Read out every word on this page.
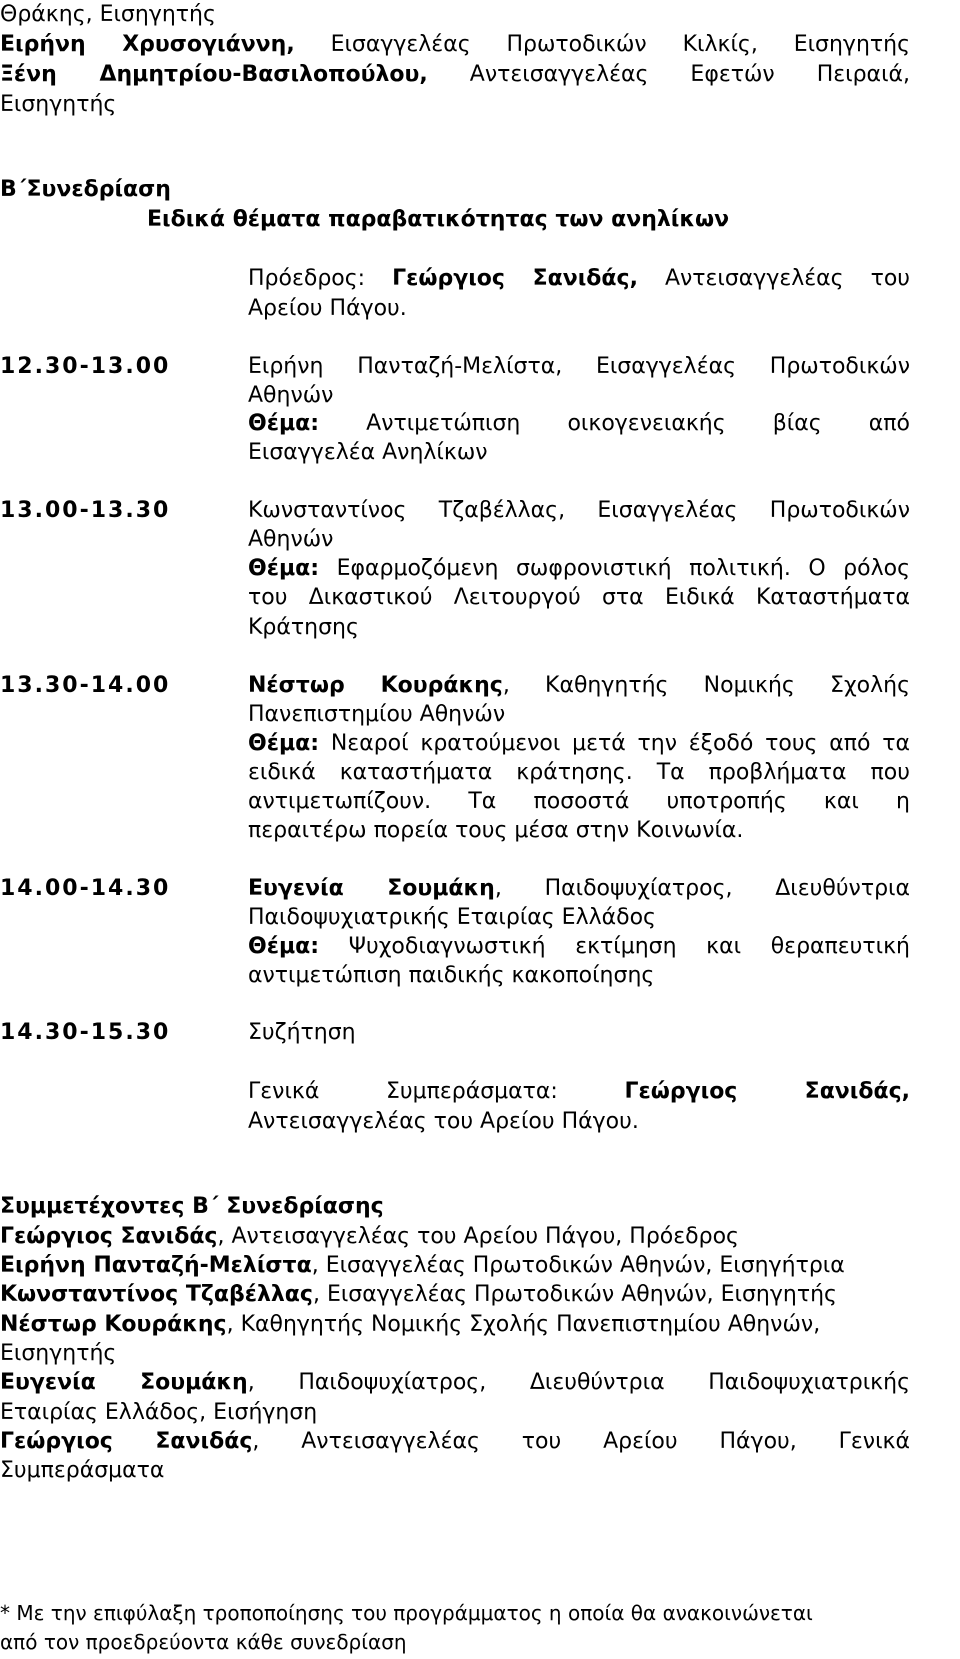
Θράκης, Εισηγητής
Ειρήνη Χρυσογιάννη, Εισαγγελέας Πρωτοδικών Κιλκίς, Εισηγητής
Ξένη Δημητρίου-Βασιλοπούλου, Αντεισαγγελέας Εφετών Πειραιά,
Εισηγητής
Β΄Συνεδρίαση
Ειδικά θέματα παραβατικότητας των ανηλίκων
Πρόεδρος: Γεώργιος Σανιδάς, Αντεισαγγελέας του
Αρείου Πάγου.
12.30-13.00	Ειρήνη Πανταζή-Μελίστα, Εισαγγελέας Πρωτοδικών
Αθηνών
Θέμα: Αντιμετώπιση οικογενειακής βίας από
Εισαγγελέα Ανηλίκων
13.00-13.30	Κωνσταντίνος Τζαβέλλας, Εισαγγελέας Πρωτοδικών
Αθηνών
Θέμα: Εφαρμοζόμενη σωφρονιστική πολιτική. Ο ρόλος
του Δικαστικού Λειτουργού στα Ειδικά Καταστήματα
Κράτησης
13.30-14.00	Νέστωρ Κουράκης, Καθηγητής Νομικής Σχολής
Πανεπιστημίου Αθηνών
Θέμα: Νεαροί κρατούμενοι μετά την έξοδό τους από τα
ειδικά καταστήματα κράτησης. Τα προβλήματα που
αντιμετωπίζουν. Τα ποσοστά υποτροπής και η
περαιτέρω πορεία τους μέσα στην Κοινωνία.
14.00-14.30	Ευγενία Σουμάκη, Παιδοψυχίατρος, Διευθύντρια
Παιδοψυχιατρικής Εταιρίας Ελλάδος
Θέμα: Ψυχοδιαγνωστική εκτίμηση και θεραπευτική
αντιμετώπιση παιδικής κακοποίησης
14.30-15.30	Συζήτηση
Γενικά Συμπεράσματα: Γεώργιος Σανιδάς,
Αντεισαγγελέας του Αρείου Πάγου.
Συμμετέχοντες Β΄ Συνεδρίασης
Γεώργιος Σανιδάς, Αντεισαγγελέας του Αρείου Πάγου, Πρόεδρος
Ειρήνη Πανταζή-Μελίστα, Εισαγγελέας Πρωτοδικών Αθηνών, Εισηγήτρια
Κωνσταντίνος Τζαβέλλας, Εισαγγελέας Πρωτοδικών Αθηνών, Εισηγητής
Νέστωρ Κουράκης, Καθηγητής Νομικής Σχολής Πανεπιστημίου Αθηνών,
Εισηγητής
Ευγενία Σουμάκη, Παιδοψυχίατρος, Διευθύντρια Παιδοψυχιατρικής
Εταιρίας Ελλάδος, Εισήγηση
Γεώργιος Σανιδάς, Αντεισαγγελέας του Αρείου Πάγου, Γενικά
Συμπεράσματα
* Με την επιφύλαξη τροποποίησης του προγράμματος η οποία θα ανακοινώνεται
από τον προεδρεύοντα κάθε συνεδρίαση
